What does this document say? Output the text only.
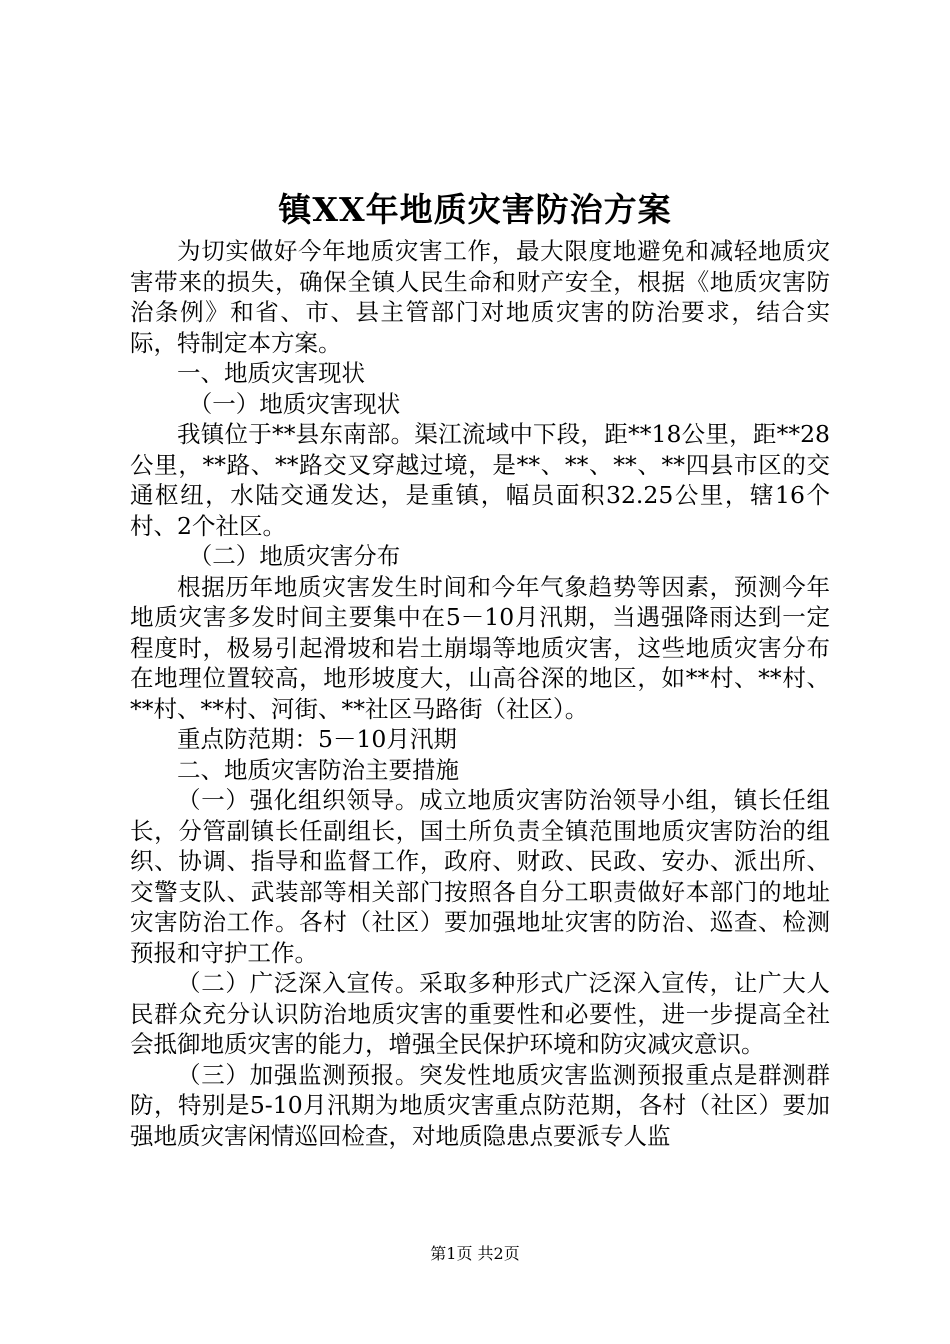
镇XX年地质灾害防治方案

为切实做好今年地质灾害工作，最大限度地避免和减轻地质灾害带来的损失，确保全镇人民生命和财产安全，根据《地质灾害防治条例》和省、市、县主管部门对地质灾害的防治要求，结合实际，特制定本方案。

一、地质灾害现状

（一）地质灾害现状

我镇位于**县东南部。渠江流域中下段，距**18公里，距**28公里，**路、**路交叉穿越过境，是**、**、**、**四县市区的交通枢纽，水陆交通发达，是重镇，幅员面积32.25公里，辖16个村、2个社区。

（二）地质灾害分布

根据历年地质灾害发生时间和今年气象趋势等因素，预测今年地质灾害多发时间主要集中在5－10月汛期，当遇强降雨达到一定程度时，极易引起滑坡和岩土崩塌等地质灾害，这些地质灾害分布在地理位置较高，地形坡度大，山高谷深的地区，如**村、**村、**村、**村、河街、**社区马路街（社区）。

重点防范期：5－10月汛期

二、地质灾害防治主要措施

（一）强化组织领导。成立地质灾害防治领导小组，镇长任组长，分管副镇长任副组长，国土所负责全镇范围地质灾害防治的组织、协调、指导和监督工作，政府、财政、民政、安办、派出所、交警支队、武装部等相关部门按照各自分工职责做好本部门的地址灾害防治工作。各村（社区）要加强地址灾害的防治、巡查、检测预报和守护工作。

（二）广泛深入宣传。采取多种形式广泛深入宣传，让广大人民群众充分认识防治地质灾害的重要性和必要性，进一步提高全社会抵御地质灾害的能力，增强全民保护环境和防灾减灾意识。

（三）加强监测预报。突发性地质灾害监测预报重点是群测群防，特别是5-10月汛期为地质灾害重点防范期，各村（社区）要加强地质灾害闲情巡回检查，对地质隐患点要派专人监

第1页 共2页
